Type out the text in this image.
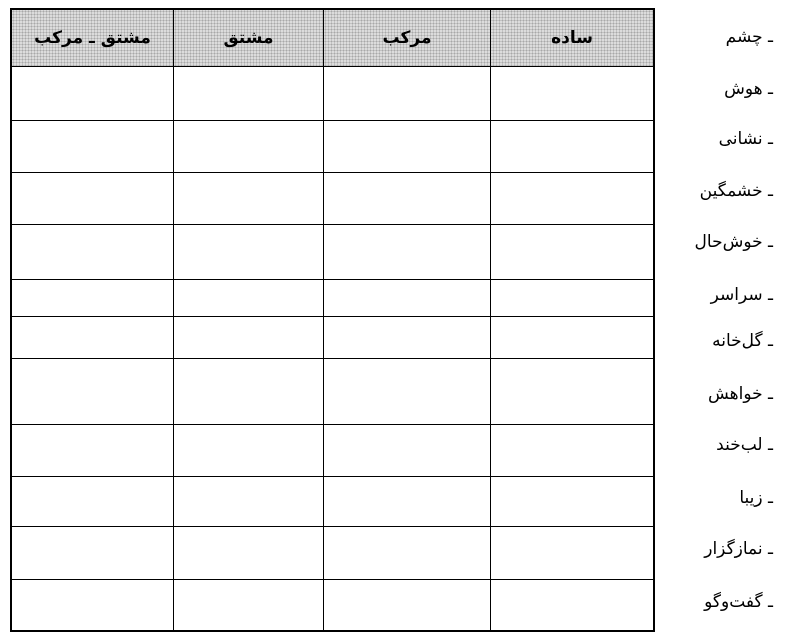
مشتق ـ مرکب	مشتق	مرکب	ساده	ـ چشم
ـ هوش
ـ نشانی
ـ خشمگین
ـ خوش‌حال
ـ سراسر
ـ گل‌خانه
ـ خواهش
ـ لب‌خند
ـ زیبا
ـ نمازگزار
ـ گفت‌وگو
